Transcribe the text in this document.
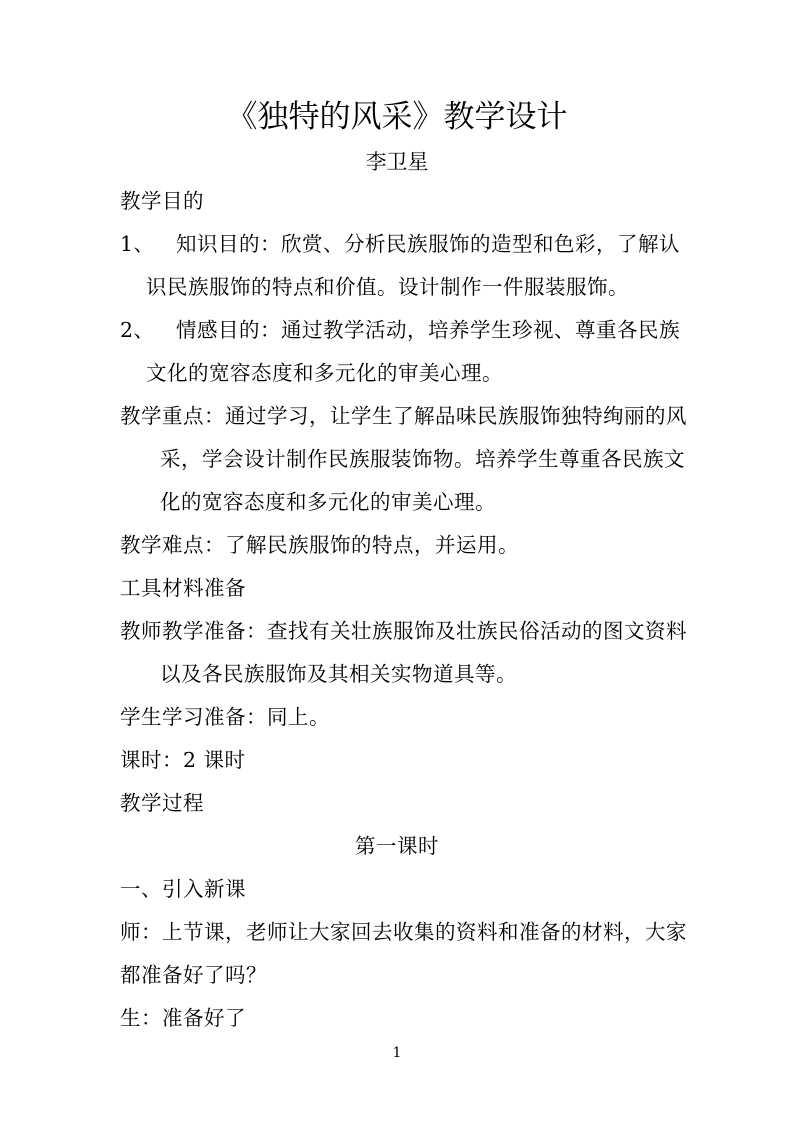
《独特的风采》教学设计
李卫星
教学目的
1、 知识目的：欣赏、分析民族服饰的造型和色彩，了解认
识民族服饰的特点和价值。设计制作一件服装服饰。
2、 情感目的：通过教学活动，培养学生珍视、尊重各民族
文化的宽容态度和多元化的审美心理。
教学重点：通过学习，让学生了解品味民族服饰独特绚丽的风
采，学会设计制作民族服装饰物。培养学生尊重各民族文
化的宽容态度和多元化的审美心理。
教学难点：了解民族服饰的特点，并运用。
工具材料准备
教师教学准备：查找有关壮族服饰及壮族民俗活动的图文资料
以及各民族服饰及其相关实物道具等。
学生学习准备：同上。
课时：2 课时
教学过程
第一课时
一、引入新课
师：上节课，老师让大家回去收集的资料和准备的材料，大家
都准备好了吗？
生：准备好了
1
